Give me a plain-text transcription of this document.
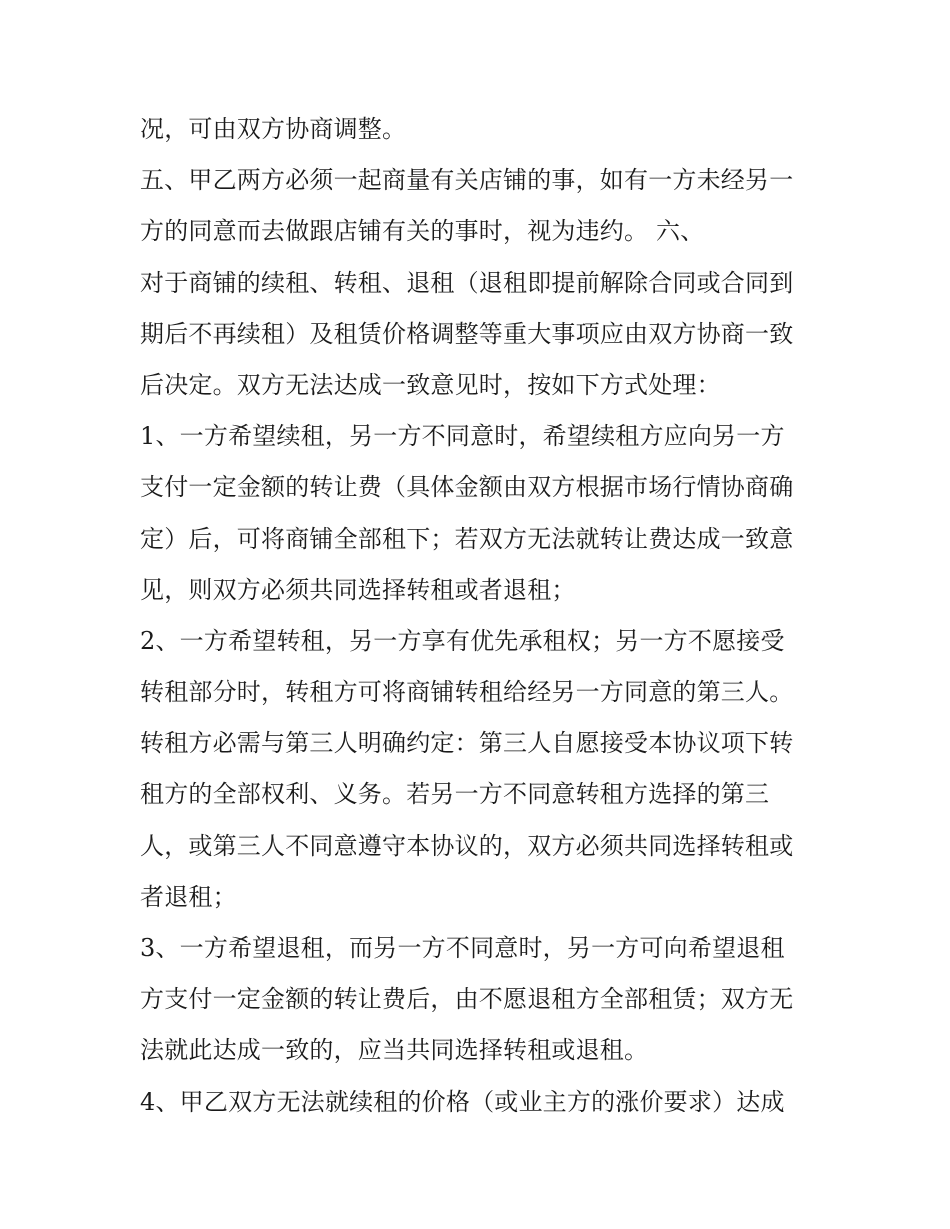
况，可由双方协商调整。
五、甲乙两方必须一起商量有关店铺的事，如有一方未经另一
方的同意而去做跟店铺有关的事时，视为违约。 六、
对于商铺的续租、转租、退租（退租即提前解除合同或合同到
期后不再续租）及租赁价格调整等重大事项应由双方协商一致
后决定。双方无法达成一致意见时，按如下方式处理：
1、一方希望续租，另一方不同意时，希望续租方应向另一方
支付一定金额的转让费（具体金额由双方根据市场行情协商确
定）后，可将商铺全部租下；若双方无法就转让费达成一致意
见，则双方必须共同选择转租或者退租；
2、一方希望转租，另一方享有优先承租权；另一方不愿接受
转租部分时，转租方可将商铺转租给经另一方同意的第三人。
转租方必需与第三人明确约定：第三人自愿接受本协议项下转
租方的全部权利、义务。若另一方不同意转租方选择的第三
人，或第三人不同意遵守本协议的，双方必须共同选择转租或
者退租；
3、一方希望退租，而另一方不同意时，另一方可向希望退租
方支付一定金额的转让费后，由不愿退租方全部租赁；双方无
法就此达成一致的，应当共同选择转租或退租。
4、甲乙双方无法就续租的价格（或业主方的涨价要求）达成
